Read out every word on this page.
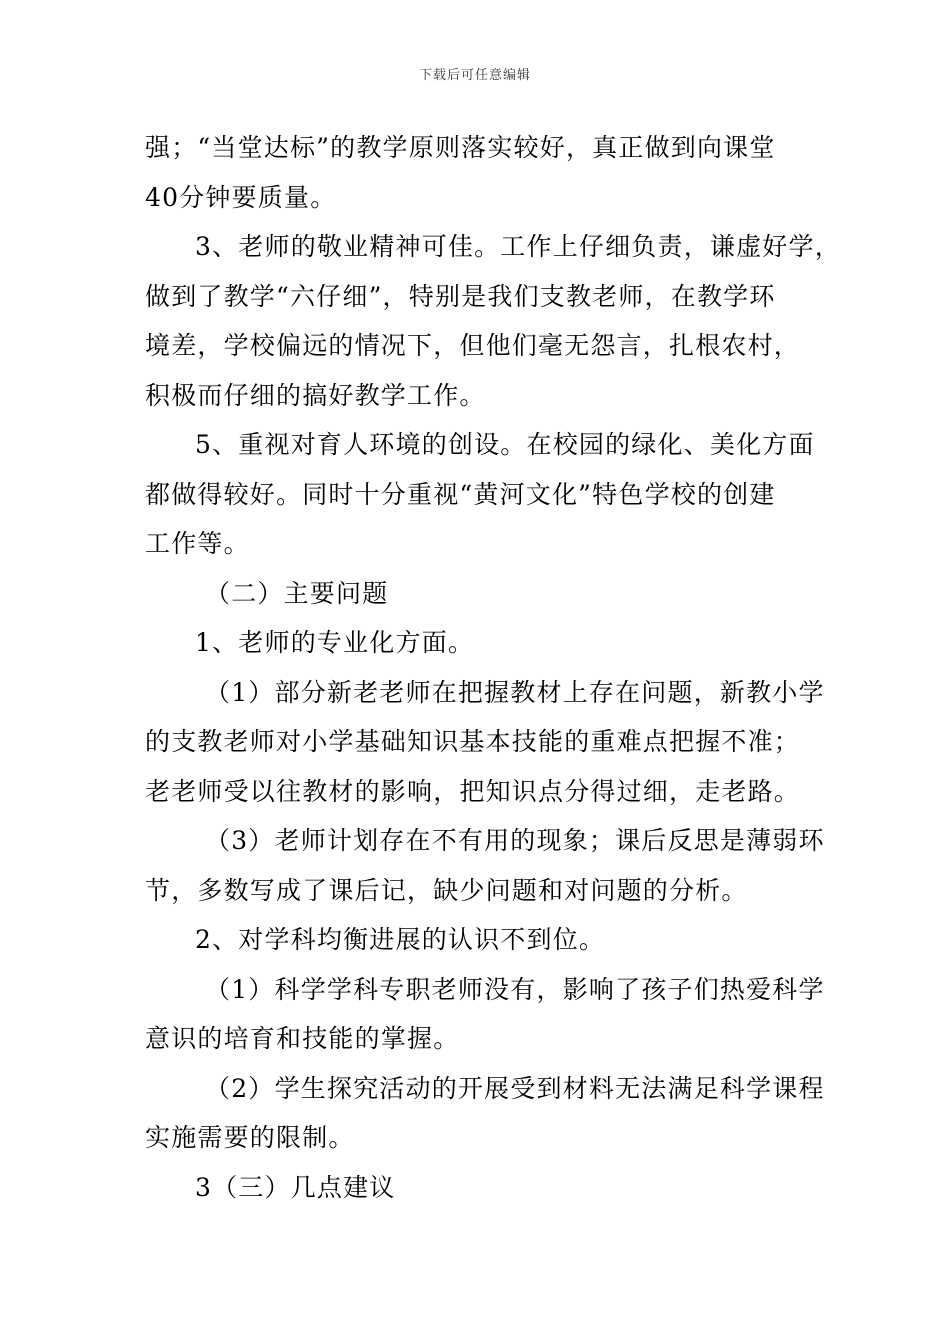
下载后可任意编辑
强；“当堂达标”的教学原则落实较好，真正做到向课堂
40分钟要质量。
3、老师的敬业精神可佳。工作上仔细负责，谦虚好学，
做到了教学“六仔细”，特别是我们支教老师，在教学环
境差，学校偏远的情况下，但他们毫无怨言，扎根农村，
积极而仔细的搞好教学工作。
5、重视对育人环境的创设。在校园的绿化、美化方面
都做得较好。同时十分重视“黄河文化”特色学校的创建
工作等。
（二）主要问题
1、老师的专业化方面。
（1）部分新老老师在把握教材上存在问题，新教小学
的支教老师对小学基础知识基本技能的重难点把握不准；
老老师受以往教材的影响，把知识点分得过细，走老路。
（3）老师计划存在不有用的现象；课后反思是薄弱环
节，多数写成了课后记，缺少问题和对问题的分析。
2、对学科均衡进展的认识不到位。
（1）科学学科专职老师没有，影响了孩子们热爱科学
意识的培育和技能的掌握。
（2）学生探究活动的开展受到材料无法满足科学课程
实施需要的限制。
3（三）几点建议
